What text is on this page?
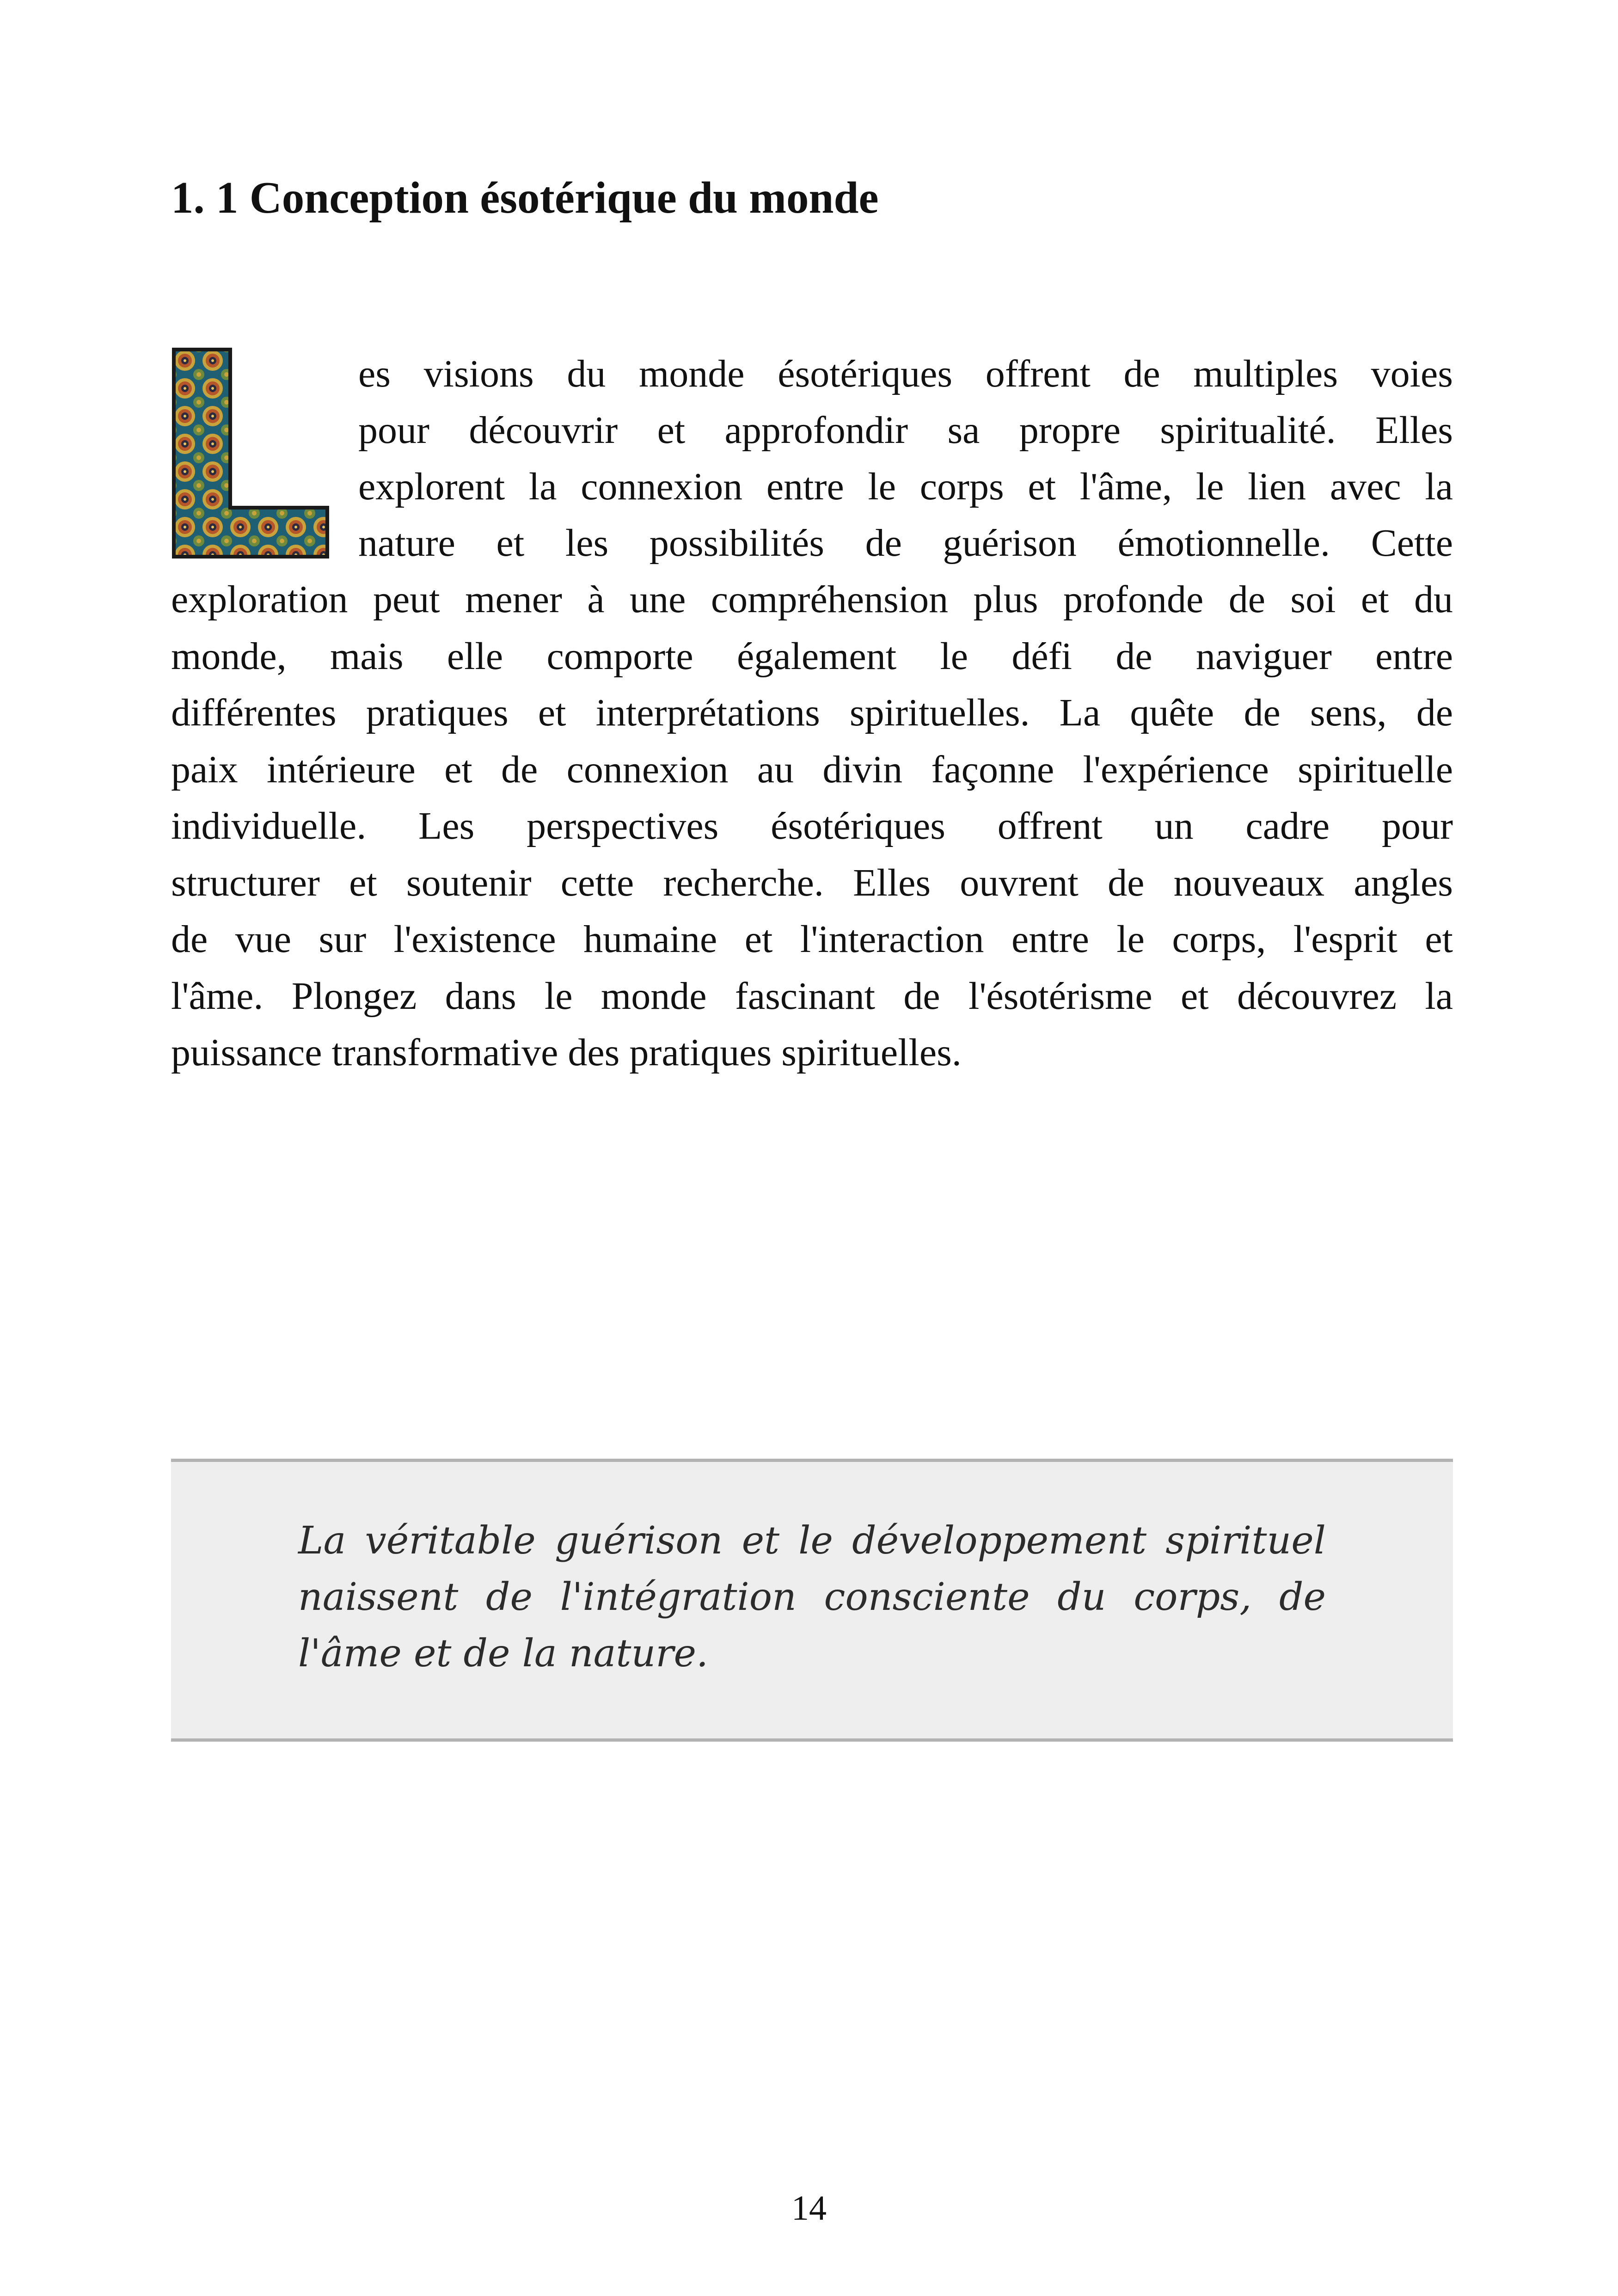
1. 1 Conception ésotérique du monde
es visions du monde ésotériques offrent de multiples voies
pour découvrir et approfondir sa propre spiritualité. Elles
explorent la connexion entre le corps et l'âme, le lien avec la
nature et les possibilités de guérison émotionnelle. Cette
exploration peut mener à une compréhension plus profonde de soi et du
monde, mais elle comporte également le défi de naviguer entre
différentes pratiques et interprétations spirituelles. La quête de sens, de
paix intérieure et de connexion au divin façonne l'expérience spirituelle
individuelle. Les perspectives ésotériques offrent un cadre pour
structurer et soutenir cette recherche. Elles ouvrent de nouveaux angles
de vue sur l'existence humaine et l'interaction entre le corps, l'esprit et
l'âme. Plongez dans le monde fascinant de l'ésotérisme et découvrez la
puissance transformative des pratiques spirituelles.
La véritable guérison et le développement spirituel
naissent de l'intégration consciente du corps, de
l'âme et de la nature.
14
